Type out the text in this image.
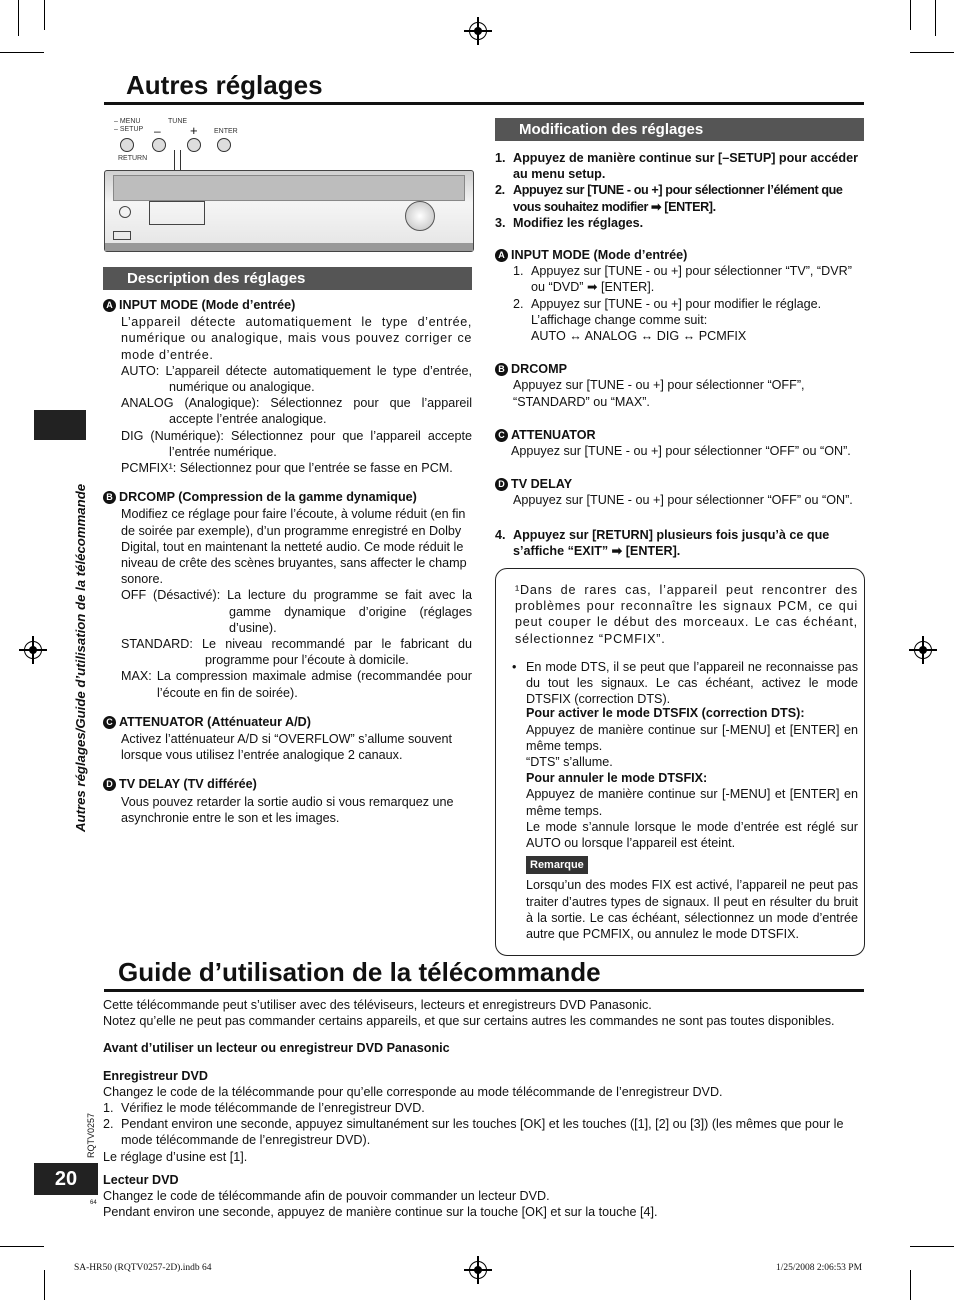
Autres réglages
Autres réglages/Guide d’utilisation de la télécommande
– MENU
– SETUP
TUNE
– + ENTER
RETURN
Description des réglages
A INPUT MODE (Mode d’entrée)
L’appareil détecte automatiquement le type d’entrée, numérique ou analogique, mais vous pouvez corriger ce mode d’entrée.
AUTO: L’appareil détecte automatiquement le type d’entrée, numérique ou analogique.
ANALOG (Analogique): Sélectionnez pour que l’appareil accepte l’entrée analogique.
DIG (Numérique): Sélectionnez pour que l’appareil accepte l’entrée numérique.
PCMFIX¹: Sélectionnez pour que l’entrée se fasse en PCM.
B DRCOMP (Compression de la gamme dynamique)
Modifiez ce réglage pour faire l’écoute, à volume réduit (en fin de soirée par exemple), d’un programme enregistré en Dolby Digital, tout en maintenant la netteté audio. Ce mode réduit le niveau de crête des scènes bruyantes, sans affecter le champ sonore.
OFF (Désactivé): La lecture du programme se fait avec la gamme dynamique d’origine (réglages d’usine).
STANDARD: Le niveau recommandé par le fabricant du programme pour l’écoute à domicile.
MAX: La compression maximale admise (recommandée pour l’écoute en fin de soirée).
C ATTENUATOR (Atténuateur A/D)
Activez l’atténuateur A/D si “OVERFLOW” s’allume souvent lorsque vous utilisez l’entrée analogique 2 canaux.
D TV DELAY (TV différée)
Vous pouvez retarder la sortie audio si vous remarquez une asynchronie entre le son et les images.
Modification des réglages
1. Appuyez de manière continue sur [–SETUP] pour accéder au menu setup.
2. Appuyez sur [TUNE - ou +] pour sélectionner l’élément que vous souhaitez modifier ➡ [ENTER].
3. Modifiez les réglages.
A INPUT MODE (Mode d’entrée)
1. Appuyez sur [TUNE - ou +] pour sélectionner “TV”, “DVR” ou “DVD” ➡ [ENTER].
2. Appuyez sur [TUNE - ou +] pour modifier le réglage.
L’affichage change comme suit:
AUTO ↔ ANALOG ↔ DIG ↔ PCMFIX
B DRCOMP
Appuyez sur [TUNE - ou +] pour sélectionner “OFF”, “STANDARD” ou “MAX”.
C ATTENUATOR
Appuyez sur [TUNE - ou +] pour sélectionner “OFF” ou “ON”.
D TV DELAY
Appuyez sur [TUNE - ou +] pour sélectionner “OFF” ou “ON”.
4. Appuyez sur [RETURN] plusieurs fois jusqu’à ce que s’affiche “EXIT” ➡ [ENTER].
¹Dans de rares cas, l’appareil peut rencontrer des problèmes pour reconnaître les signaux PCM, ce qui peut couper le début des morceaux. Le cas échéant, sélectionnez “PCMFIX”.
• En mode DTS, il se peut que l’appareil ne reconnaisse pas du tout les signaux. Le cas échéant, activez le mode DTSFIX (correction DTS).
Pour activer le mode DTSFIX (correction DTS):
Appuyez de manière continue sur [-MENU] et [ENTER] en même temps.
“DTS” s’allume.
Pour annuler le mode DTSFIX:
Appuyez de manière continue sur [-MENU] et [ENTER] en même temps.
Le mode s’annule lorsque le mode d’entrée est réglé sur AUTO ou lorsque l’appareil est éteint.
Remarque
Lorsqu’un des modes FIX est activé, l’appareil ne peut pas traiter d’autres types de signaux. Il peut en résulter du bruit à la sortie. Le cas échéant, sélectionnez un mode d’entrée autre que PCMFIX, ou annulez le mode DTSFIX.
Guide d’utilisation de la télécommande
Cette télécommande peut s’utiliser avec des téléviseurs, lecteurs et enregistreurs DVD Panasonic.
Notez qu’elle ne peut pas commander certains appareils, et que sur certains autres les commandes ne sont pas toutes disponibles.
Avant d’utiliser un lecteur ou enregistreur DVD Panasonic
Enregistreur DVD
Changez le code de la télécommande pour qu’elle corresponde au mode télécommande de l’enregistreur DVD.
1. Vérifiez le mode télécommande de l’enregistreur DVD.
2. Pendant environ une seconde, appuyez simultanément sur les touches [OK] et les touches ([1], [2] ou [3]) (les mêmes que pour le mode télécommande de l’enregistreur DVD).
Le réglage d’usine est [1].
Lecteur DVD
Changez le code de télécommande afin de pouvoir commander un lecteur DVD.
Pendant environ une seconde, appuyez de manière continue sur la touche [OK] et sur la touche [4].
RQTV0257
20
64
SA-HR50 (RQTV0257-2D).indb 64	1/25/2008 2:06:53 PM
